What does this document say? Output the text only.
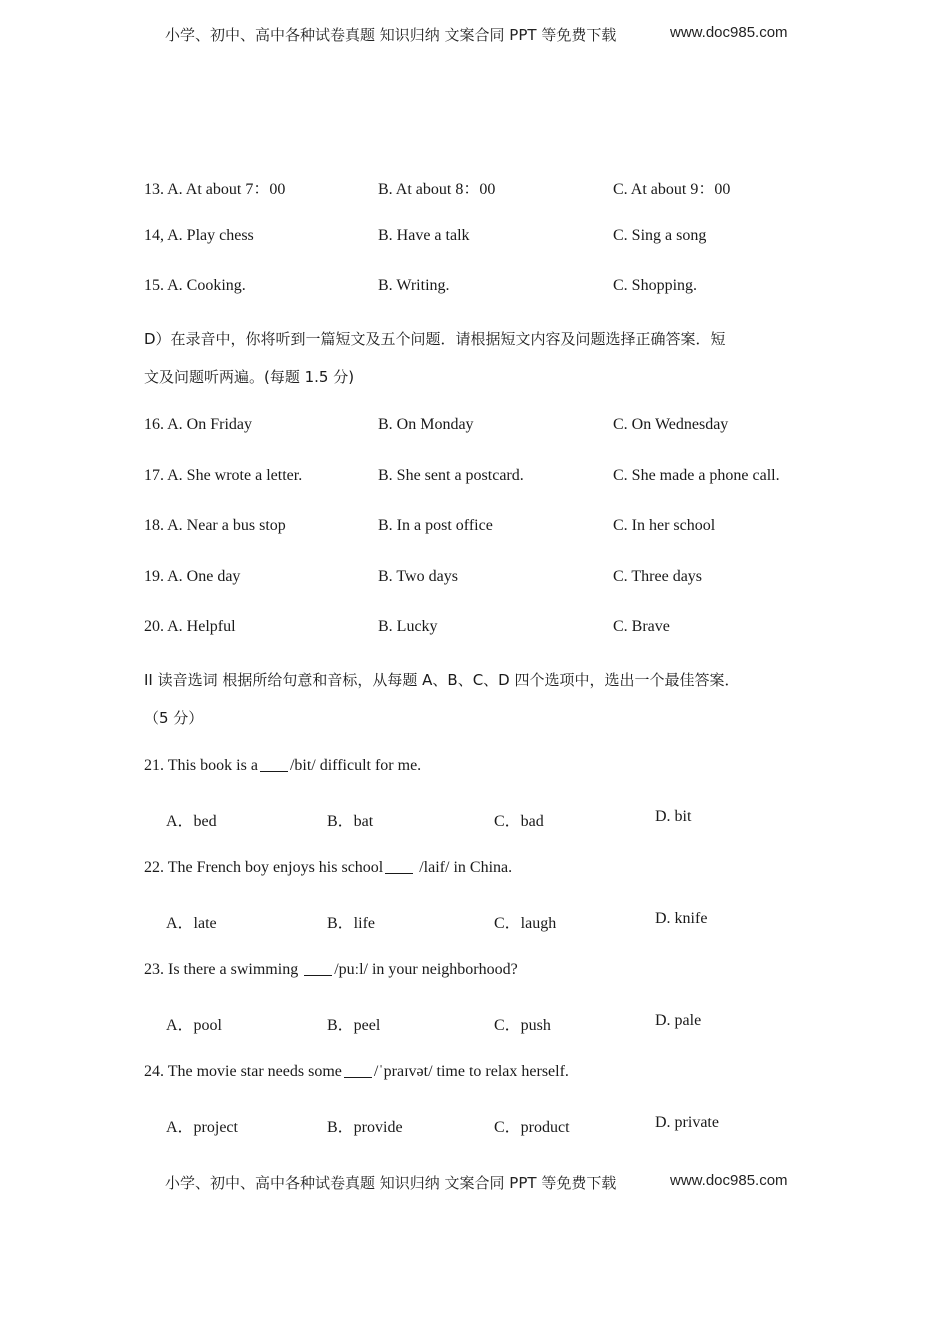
小学、初中、高中各种试卷真题 知识归纳 文案合同 PPT 等免费下载	www.doc985.com
13. A. At about 7：00	B. At about 8：00	C. At about 9：00
14, A. Play chess	B. Have a talk	C. Sing a song
15. A. Cooking.	B. Writing.	C. Shopping.
D）在录音中，你将听到一篇短文及五个问题．请根据短文内容及问题选择正确答案．短
文及问题听两遍。(每题 1.5 分)
16. A. On Friday	B. On Monday	C. On Wednesday
17. A. She wrote a letter.	B. She sent a postcard.	C. She made a phone call.
18. A. Near a bus stop	B. In a post office	C. In her school
19. A. One day	B. Two days	C. Three days
20. A. Helpful	B. Lucky	C. Brave
II 读音选词 根据所给句意和音标，从每题 A、B、C、D 四个选项中，选出一个最佳答案．
（5 分）
21. This book is a /bit/ difficult for me.
A．bed	B．bat	C．bad	D. bit
22. The French boy enjoys his school /laif/ in China.
A．late	B．life	C．laugh	D. knife
23. Is there a swimming /puːl/ in your neighborhood?
A．pool	B．peel	C．push	D. pale
24. The movie star needs some /ˈpraɪvət/ time to relax herself.
A．project	B．provide	C．product	D. private
小学、初中、高中各种试卷真题 知识归纳 文案合同 PPT 等免费下载	www.doc985.com
